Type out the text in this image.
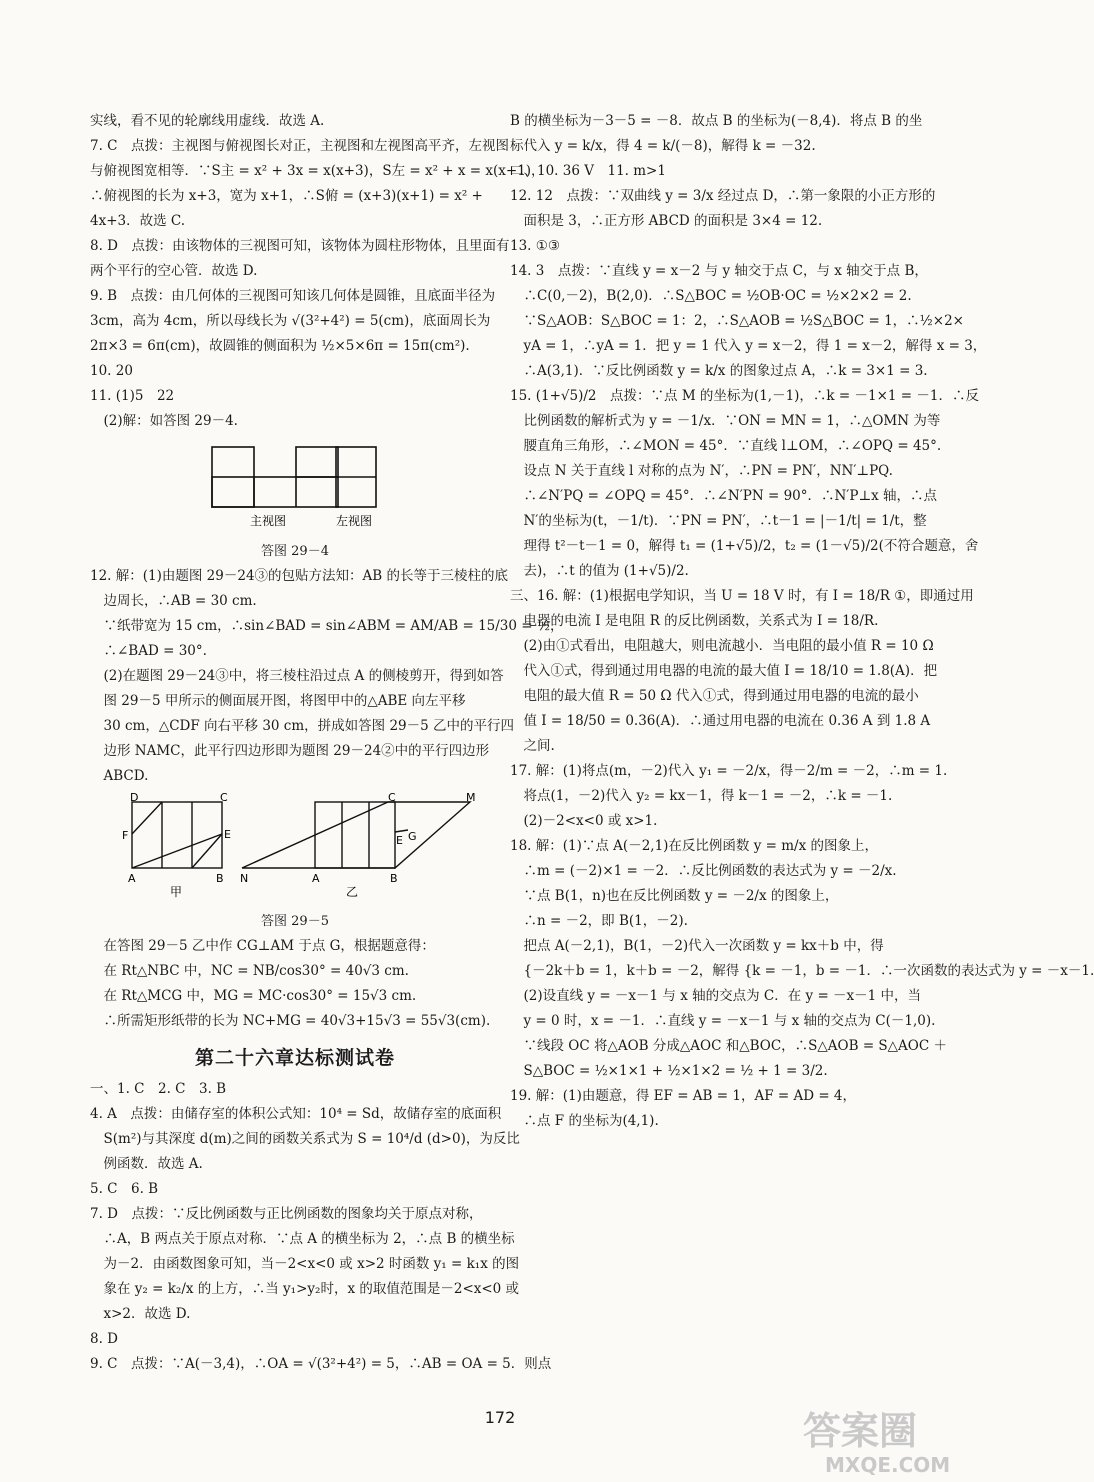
实线，看不见的轮廓线用虚线．故选 A.
7. C　点拨：主视图与俯视图长对正，主视图和左视图高平齐，左视图
与俯视图宽相等．∵S主 = x² + 3x = x(x+3)，S左 = x² + x = x(x+1)，
∴俯视图的长为 x+3，宽为 x+1，∴S俯 = (x+3)(x+1) = x² +
4x+3．故选 C.
8. D　点拨：由该物体的三视图可知，该物体为圆柱形物体，且里面有
两个平行的空心管．故选 D.
9. B　点拨：由几何体的三视图可知该几何体是圆锥，且底面半径为
3cm，高为 4cm，所以母线长为 √(3²+4²) = 5(cm)，底面周长为
2π×3 = 6π(cm)，故圆锥的侧面积为 ½×5×6π = 15π(cm²).
10. 20
11. (1)5　22
　(2)解：如答图 29－4.
主视图	左视图
答图 29－4
12. 解：(1)由题图 29－24③的包贴方法知：AB 的长等于三棱柱的底
　边周长，∴AB = 30 cm.
　∵纸带宽为 15 cm，∴sin∠BAD = sin∠ABM = AM/AB = 15/30 = ½，
　∴∠BAD = 30°.
　(2)在题图 29－24③中，将三棱柱沿过点 A 的侧棱剪开，得到如答
　图 29－5 甲所示的侧面展开图，将图甲中的△ABE 向左平移
　30 cm，△CDF 向右平移 30 cm，拼成如答图 29－5 乙中的平行四
　边形 NAMC，此平行四边形即为题图 29－24②中的平行四边形
　ABCD.
D	C
F	E
A	B N	A	B
C	M
E G
甲	乙
答图 29－5
　在答图 29－5 乙中作 CG⊥AM 于点 G，根据题意得：
　在 Rt△NBC 中，NC = NB/cos30° = 40√3 cm.
　在 Rt△MCG 中，MG = MC·cos30° = 15√3 cm.
　∴所需矩形纸带的长为 NC+MG = 40√3+15√3 = 55√3(cm).
第二十六章达标测试卷
一、1. C　2. C　3. B
4. A　点拨：由储存室的体积公式知：10⁴ = Sd，故储存室的底面积
　S(m²)与其深度 d(m)之间的函数关系式为 S = 10⁴/d (d>0)，为反比
　例函数．故选 A.
5. C　6. B
7. D　点拨：∵反比例函数与正比例函数的图象均关于原点对称，
　∴A，B 两点关于原点对称．∵点 A 的横坐标为 2，∴点 B 的横坐标
　为－2．由函数图象可知，当－2<x<0 或 x>2 时函数 y₁ = k₁x 的图
　象在 y₂ = k₂/x 的上方，∴当 y₁>y₂时，x 的取值范围是－2<x<0 或
　x>2．故选 D.
8. D
9. C　点拨：∵A(－3,4)，∴OA = √(3²+4²) = 5，∴AB = OA = 5．则点
B 的横坐标为－3－5 = －8．故点 B 的坐标为(－8,4)．将点 B 的坐
标代入 y = k/x，得 4 = k/(－8)，解得 k = －32.
二、10. 36 V　11. m>1
12. 12　点拨：∵双曲线 y = 3/x 经过点 D，∴第一象限的小正方形的
　面积是 3，∴正方形 ABCD 的面积是 3×4 = 12.
13. ①③
14. 3　点拨：∵直线 y = x－2 与 y 轴交于点 C，与 x 轴交于点 B，
　∴C(0,－2)，B(2,0)．∴S△BOC = ½OB·OC = ½×2×2 = 2.
　∵S△AOB：S△BOC = 1：2，∴S△AOB = ½S△BOC = 1，∴½×2×
　yA = 1，∴yA = 1．把 y = 1 代入 y = x－2，得 1 = x－2，解得 x = 3，
　∴A(3,1)．∵反比例函数 y = k/x 的图象过点 A，∴k = 3×1 = 3.
15. (1+√5)/2　点拨：∵点 M 的坐标为(1,－1)，∴k = －1×1 = －1．∴反
　比例函数的解析式为 y = －1/x．∵ON = MN = 1，∴△OMN 为等
　腰直角三角形，∴∠MON = 45°．∵直线 l⊥OM，∴∠OPQ = 45°.
　设点 N 关于直线 l 对称的点为 N′，∴PN = PN′，NN′⊥PQ.
　∴∠N′PQ = ∠OPQ = 45°．∴∠N′PN = 90°．∴N′P⊥x 轴，∴点
　N′的坐标为(t，－1/t)．∵PN = PN′，∴t－1 = |－1/t| = 1/t，整
　理得 t²－t－1 = 0，解得 t₁ = (1+√5)/2，t₂ = (1－√5)/2(不符合题意，舍
　去)，∴t 的值为 (1+√5)/2.
三、16. 解：(1)根据电学知识，当 U = 18 V 时，有 I = 18/R ①，即通过用
　电器的电流 I 是电阻 R 的反比例函数，关系式为 I = 18/R.
　(2)由①式看出，电阻越大，则电流越小．当电阻的最小值 R = 10 Ω
　代入①式，得到通过用电器的电流的最大值 I = 18/10 = 1.8(A)．把
　电阻的最大值 R = 50 Ω 代入①式，得到通过用电器的电流的最小
　值 I = 18/50 = 0.36(A)．∴通过用电器的电流在 0.36 A 到 1.8 A
　之间.
17. 解：(1)将点(m，－2)代入 y₁ = －2/x，得－2/m = －2，∴m = 1.
　将点(1，－2)代入 y₂ = kx－1，得 k－1 = －2，∴k = －1.
　(2)－2<x<0 或 x>1.
18. 解：(1)∵点 A(－2,1)在反比例函数 y = m/x 的图象上，
　∴m = (－2)×1 = －2．∴反比例函数的表达式为 y = －2/x.
　∵点 B(1，n)也在反比例函数 y = －2/x 的图象上，
　∴n = －2，即 B(1，－2).
　把点 A(－2,1)，B(1，－2)代入一次函数 y = kx＋b 中，得
　{－2k＋b = 1，k＋b = －2，解得 {k = －1，b = －1．∴一次函数的表达式为 y = －x－1.
　(2)设直线 y = －x－1 与 x 轴的交点为 C．在 y = －x－1 中，当
　y = 0 时，x = －1．∴直线 y = －x－1 与 x 轴的交点为 C(－1,0).
　∵线段 OC 将△AOB 分成△AOC 和△BOC，∴S△AOB = S△AOC ＋
　S△BOC = ½×1×1 + ½×1×2 = ½ + 1 = 3/2.
19. 解：(1)由题意，得 EF = AB = 1，AF = AD = 4，
　∴点 F 的坐标为(4,1).
172	答案圈
MXQE.COM
